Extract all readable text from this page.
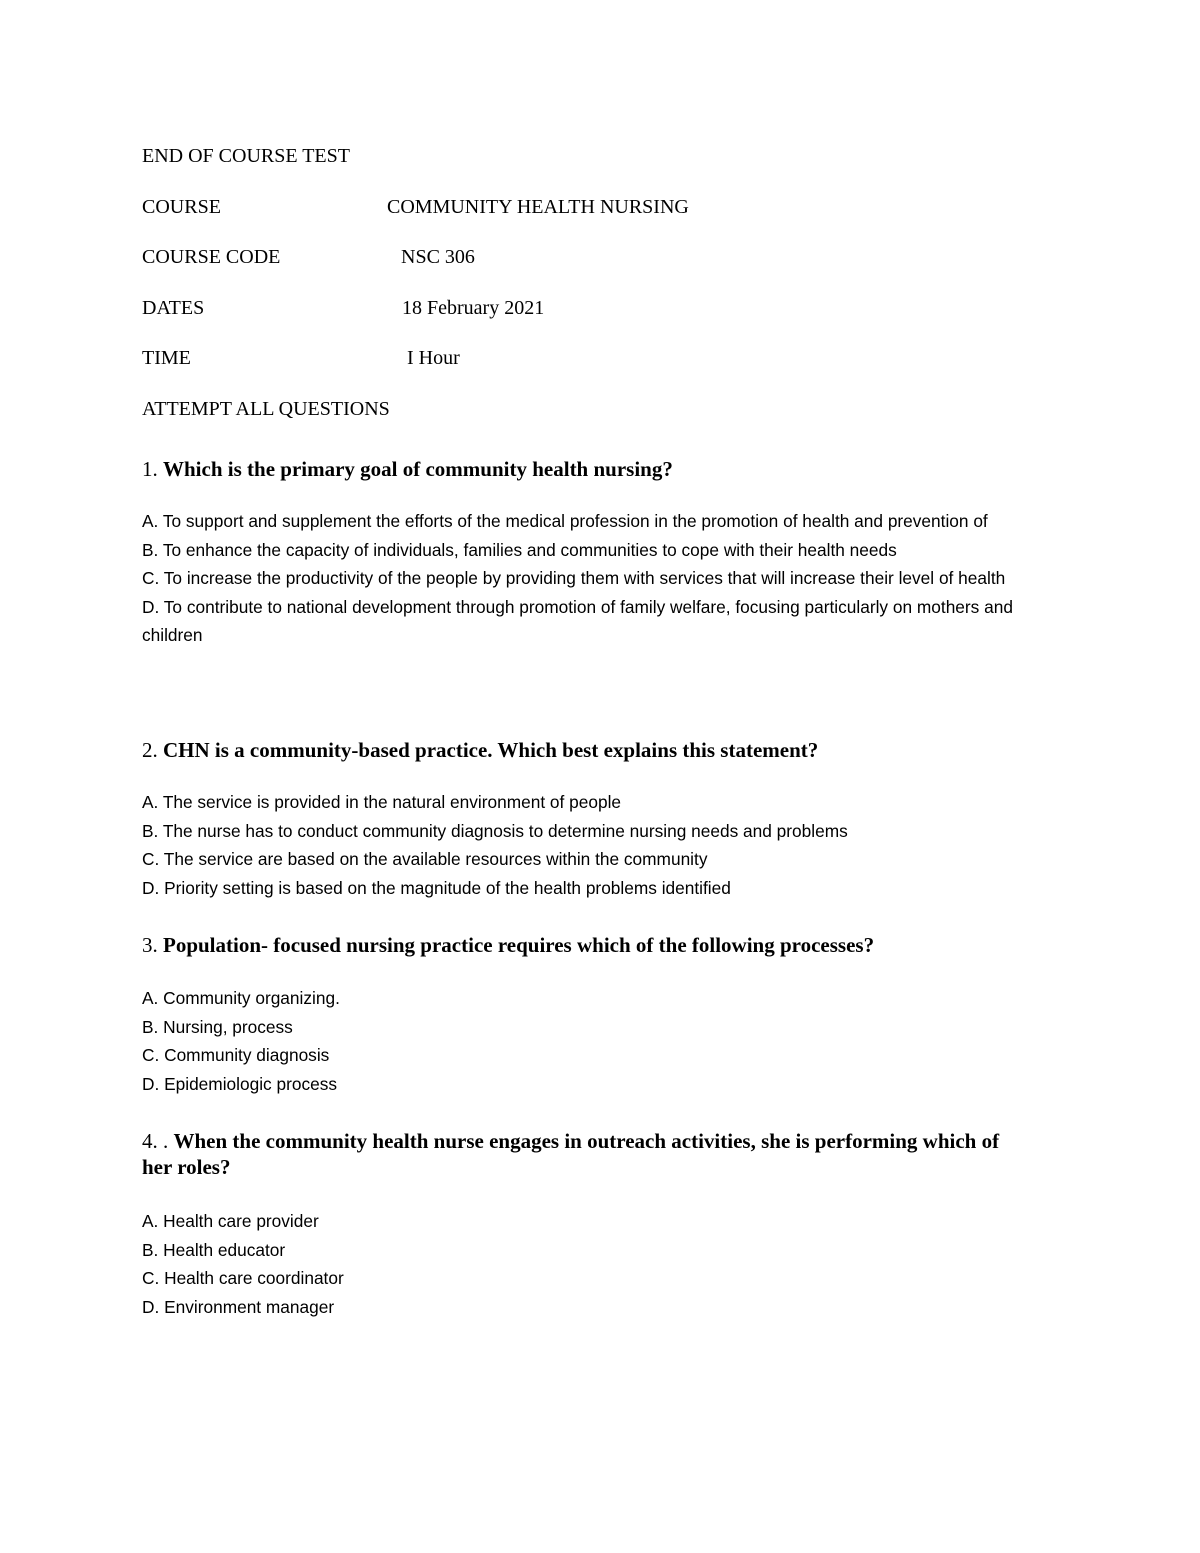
END OF COURSE TEST
COURSE	COMMUNITY HEALTH NURSING
COURSE CODE	NSC 306
DATES	18 February 2021
TIME	I Hour
ATTEMPT ALL QUESTIONS
1. Which is the primary goal of community health nursing?
A. To support and supplement the efforts of the medical profession in the promotion of health and prevention of
B. To enhance the capacity of individuals, families and communities to cope with their health needs
C. To increase the productivity of the people by providing them with services that will increase their level of health
D. To contribute to national development through promotion of family welfare, focusing particularly on mothers and children
2. CHN is a community-based practice. Which best explains this statement?
A. The service is provided in the natural environment of people
B. The nurse has to conduct community diagnosis to determine nursing needs and problems
C. The service are based on the available resources within the community
D. Priority setting is based on the magnitude of the health problems identified
3. Population- focused nursing practice requires which of the following processes?
A. Community organizing.
B. Nursing, process
C. Community diagnosis
D. Epidemiologic process
4. . When the community health nurse engages in outreach activities, she is performing which of her roles?
A. Health care provider
B. Health educator
C. Health care coordinator
D. Environment manager
